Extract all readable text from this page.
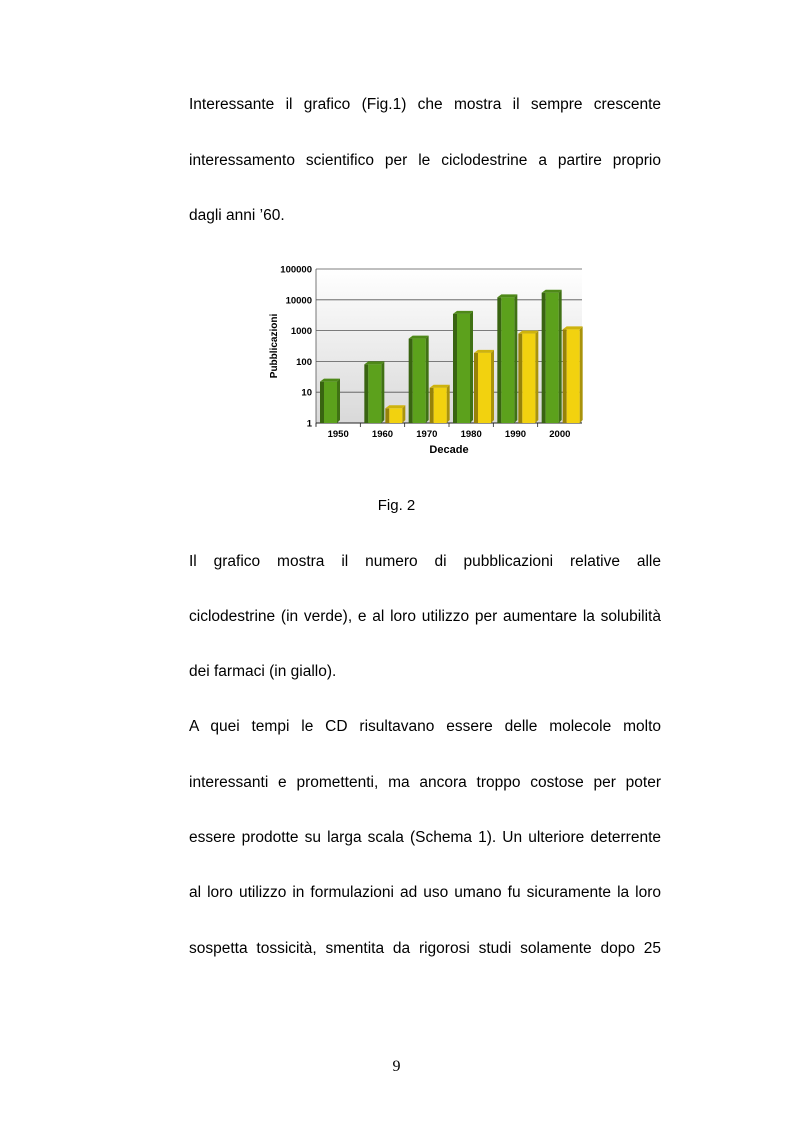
Interessante il grafico (Fig.1) che mostra il sempre crescente

interessamento scientifico per le ciclodestrine a partire proprio

dagli anni ’60.

1
10
100
1000
10000
100000
1950 1960 1970 1980 1990 2000
Pubblicazioni
Decade

Fig. 2

Il grafico mostra il numero di pubblicazioni relative alle

ciclodestrine (in verde), e al loro utilizzo per aumentare la solubilità

dei farmaci (in giallo).

A quei tempi le CD risultavano essere delle molecole molto

interessanti e promettenti, ma ancora troppo costose per poter

essere prodotte su larga scala (Schema 1). Un ulteriore deterrente

al loro utilizzo in formulazioni ad uso umano fu sicuramente la loro

sospetta tossicità, smentita da rigorosi studi solamente dopo 25

9
